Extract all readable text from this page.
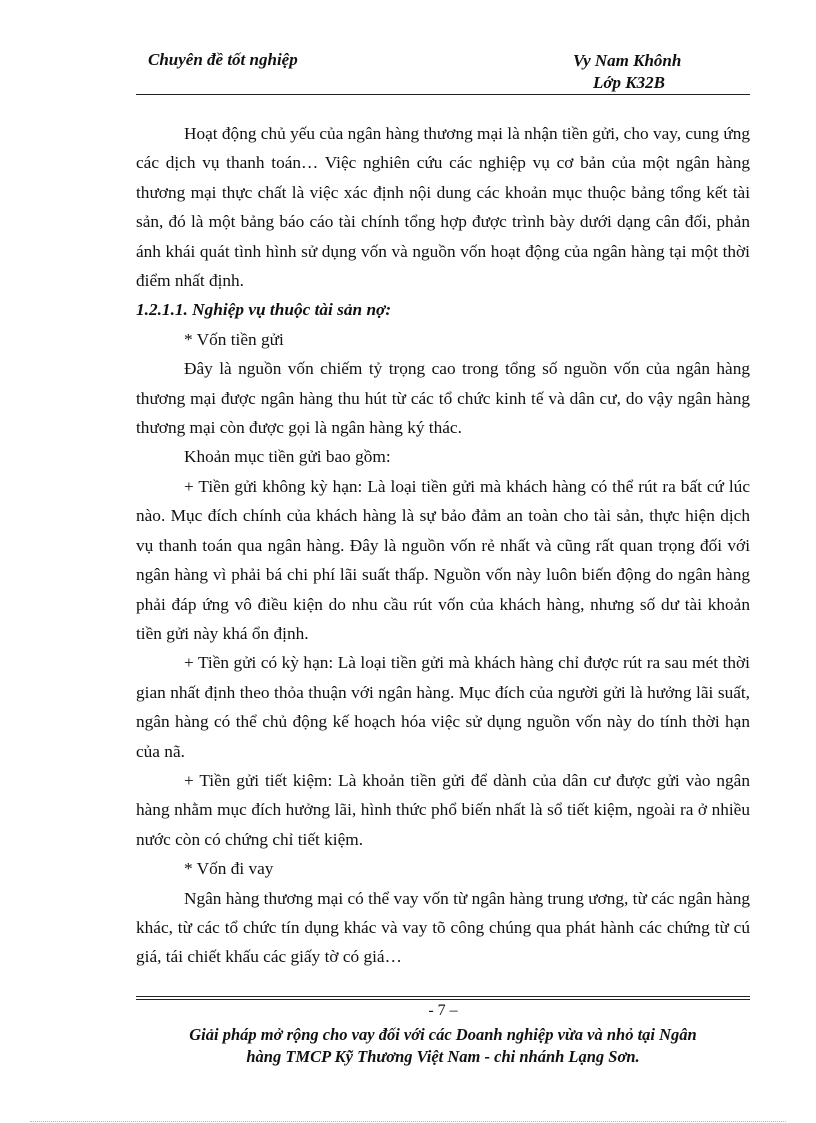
Chuyên đề tốt nghiệp	Vy Nam Khônh
Lớp K32B

Hoạt động chủ yếu của ngân hàng thương mại là nhận tiền gửi, cho vay, cung ứng các dịch vụ thanh toán… Việc nghiên cứu các nghiệp vụ cơ bản của một ngân hàng thương mại thực chất là việc xác định nội dung các khoản mục thuộc bảng tổng kết tài sản, đó là một bảng báo cáo tài chính tổng hợp được trình bày dưới dạng cân đối, phản ánh khái quát tình hình sử dụng vốn và nguồn vốn hoạt động của ngân hàng tại một thời điểm nhất định.

1.2.1.1. Nghiệp vụ thuộc tài sản nợ:

* Vốn tiền gửi

Đây là nguồn vốn chiếm tỷ trọng cao trong tổng số nguồn vốn của ngân hàng thương mại được ngân hàng thu hút từ các tổ chức kinh tế và dân cư, do vậy ngân hàng thương mại còn được gọi là ngân hàng ký thác.

Khoản mục tiền gửi bao gồm:

+ Tiền gửi không kỳ hạn: Là loại tiền gửi mà khách hàng có thể rút ra bất cứ lúc nào. Mục đích chính của khách hàng là sự bảo đảm an toàn cho tài sản, thực hiện dịch vụ thanh toán qua ngân hàng. Đây là nguồn vốn rẻ nhất và cũng rất quan trọng đối với ngân hàng vì phải bá chi phí lãi suất thấp. Nguồn vốn này luôn biến động do ngân hàng phải đáp ứng vô điều kiện do nhu cầu rút vốn của khách hàng, nhưng số dư tài khoản tiền gửi này khá ổn định.

+ Tiền gửi có kỳ hạn: Là loại tiền gửi mà khách hàng chỉ được rút ra sau mét thời gian nhất định theo thỏa thuận với ngân hàng. Mục đích của người gửi là hưởng lãi suất, ngân hàng có thể chủ động kế hoạch hóa việc sử dụng nguồn vốn này do tính thời hạn của nã.

+ Tiền gửi tiết kiệm: Là khoản tiền gửi để dành của dân cư được gửi vào ngân hàng nhằm mục đích hưởng lãi, hình thức phổ biến nhất là sổ tiết kiệm, ngoài ra ở nhiều nước còn có chứng chỉ tiết kiệm.

* Vốn đi vay

Ngân hàng thương mại có thể vay vốn từ ngân hàng trung ương, từ các ngân hàng khác, từ các tổ chức tín dụng khác và vay tõ công chúng qua phát hành các chứng từ cú giá, tái chiết khấu các giấy tờ có giá…

- 7 –
Giải pháp mở rộng cho vay đối với các Doanh nghiệp vừa và nhỏ tại Ngân
hàng TMCP Kỹ Thương Việt Nam - chi nhánh Lạng Sơn.
